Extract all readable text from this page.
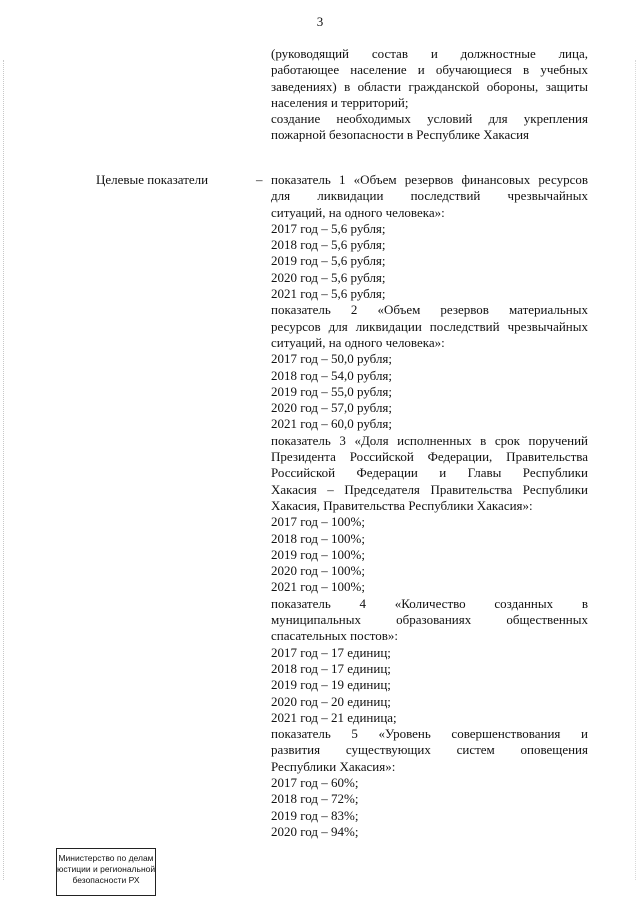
3
(руководящий состав и должностные лица,
работающее население и обучающиеся в учебных
заведениях) в области гражданской обороны, защиты
населения и территорий;
создание необходимых условий для укрепления
пожарной безопасности в Республике Хакасия
Целевые показатели	– показатель 1 «Объем резервов финансовых ресурсов
для ликвидации последствий чрезвычайных
ситуаций, на одного человека»:
2017 год – 5,6 рубля;
2018 год – 5,6 рубля;
2019 год – 5,6 рубля;
2020 год – 5,6 рубля;
2021 год – 5,6 рубля;
показатель 2 «Объем резервов материальных
ресурсов для ликвидации последствий чрезвычайных
ситуаций, на одного человека»:
2017 год – 50,0 рубля;
2018 год – 54,0 рубля;
2019 год – 55,0 рубля;
2020 год – 57,0 рубля;
2021 год – 60,0 рубля;
показатель 3 «Доля исполненных в срок поручений
Президента Российской Федерации, Правительства
Российской Федерации и Главы Республики
Хакасия – Председателя Правительства Республики
Хакасия, Правительства Республики Хакасия»:
2017 год – 100%;
2018 год – 100%;
2019 год – 100%;
2020 год – 100%;
2021 год – 100%;
показатель 4 «Количество созданных в
муниципальных образованиях общественных
спасательных постов»:
2017 год – 17 единиц;
2018 год – 17 единиц;
2019 год – 19 единиц;
2020 год – 20 единиц;
2021 год – 21 единица;
показатель 5 «Уровень совершенствования и
развития существующих систем оповещения
Республики Хакасия»:
2017 год – 60%;
2018 год – 72%;
2019 год – 83%;
2020 год – 94%;
Министерство по делам
юстиции и региональной
безопасности РХ
